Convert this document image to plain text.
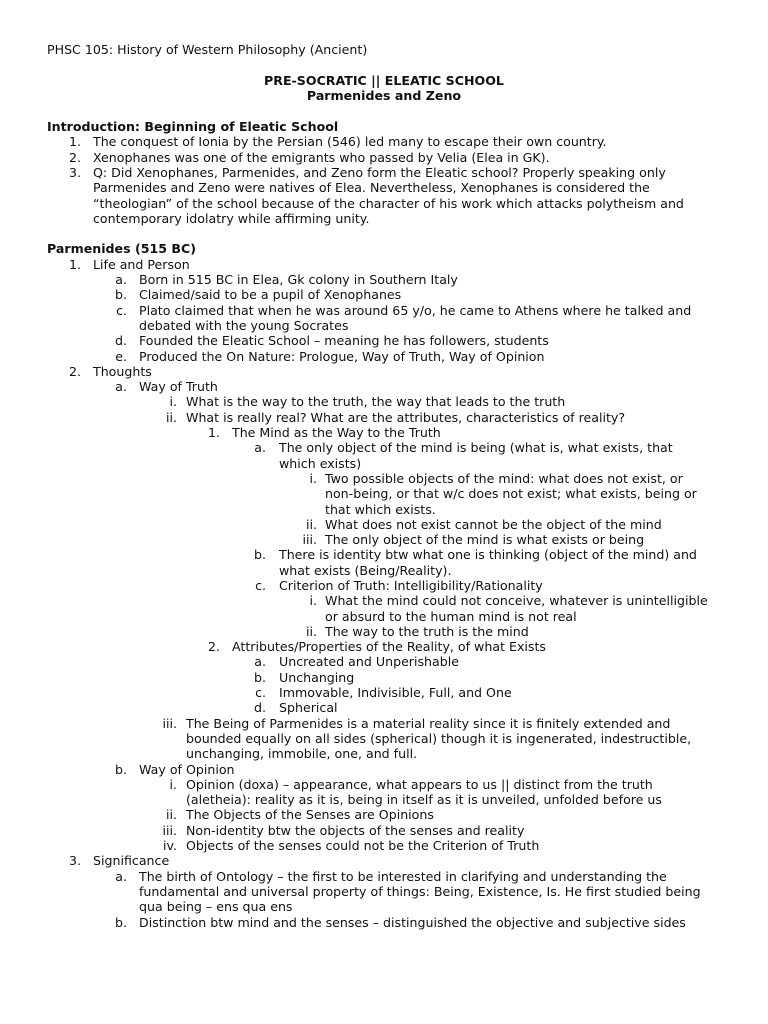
PHSC 105: History of Western Philosophy (Ancient)
PRE-SOCRATIC || ELEATIC SCHOOL
Parmenides and Zeno
Introduction: Beginning of Eleatic School
1. The conquest of Ionia by the Persian (546) led many to escape their own country.
2. Xenophanes was one of the emigrants who passed by Velia (Elea in GK).
3. Q: Did Xenophanes, Parmenides, and Zeno form the Eleatic school? Properly speaking only
Parmenides and Zeno were natives of Elea. Nevertheless, Xenophanes is considered the
“theologian” of the school because of the character of his work which attacks polytheism and
contemporary idolatry while affirming unity.
Parmenides (515 BC)
1. Life and Person
a. Born in 515 BC in Elea, Gk colony in Southern Italy
b. Claimed/said to be a pupil of Xenophanes
c. Plato claimed that when he was around 65 y/o, he came to Athens where he talked and
debated with the young Socrates
d. Founded the Eleatic School – meaning he has followers, students
e. Produced the On Nature: Prologue, Way of Truth, Way of Opinion
2. Thoughts
a. Way of Truth
i. What is the way to the truth, the way that leads to the truth
ii. What is really real? What are the attributes, characteristics of reality?
1. The Mind as the Way to the Truth
a. The only object of the mind is being (what is, what exists, that
which exists)
i. Two possible objects of the mind: what does not exist, or
non-being, or that w/c does not exist; what exists, being or
that which exists.
ii. What does not exist cannot be the object of the mind
iii. The only object of the mind is what exists or being
b. There is identity btw what one is thinking (object of the mind) and
what exists (Being/Reality).
c. Criterion of Truth: Intelligibility/Rationality
i. What the mind could not conceive, whatever is unintelligible
or absurd to the human mind is not real
ii. The way to the truth is the mind
2. Attributes/Properties of the Reality, of what Exists
a. Uncreated and Unperishable
b. Unchanging
c. Immovable, Indivisible, Full, and One
d. Spherical
iii. The Being of Parmenides is a material reality since it is finitely extended and
bounded equally on all sides (spherical) though it is ingenerated, indestructible,
unchanging, immobile, one, and full.
b. Way of Opinion
i. Opinion (doxa) – appearance, what appears to us || distinct from the truth
(aletheia): reality as it is, being in itself as it is unveiled, unfolded before us
ii. The Objects of the Senses are Opinions
iii. Non-identity btw the objects of the senses and reality
iv. Objects of the senses could not be the Criterion of Truth
3. Significance
a. The birth of Ontology – the first to be interested in clarifying and understanding the
fundamental and universal property of things: Being, Existence, Is. He first studied being
qua being – ens qua ens
b. Distinction btw mind and the senses – distinguished the objective and subjective sides
